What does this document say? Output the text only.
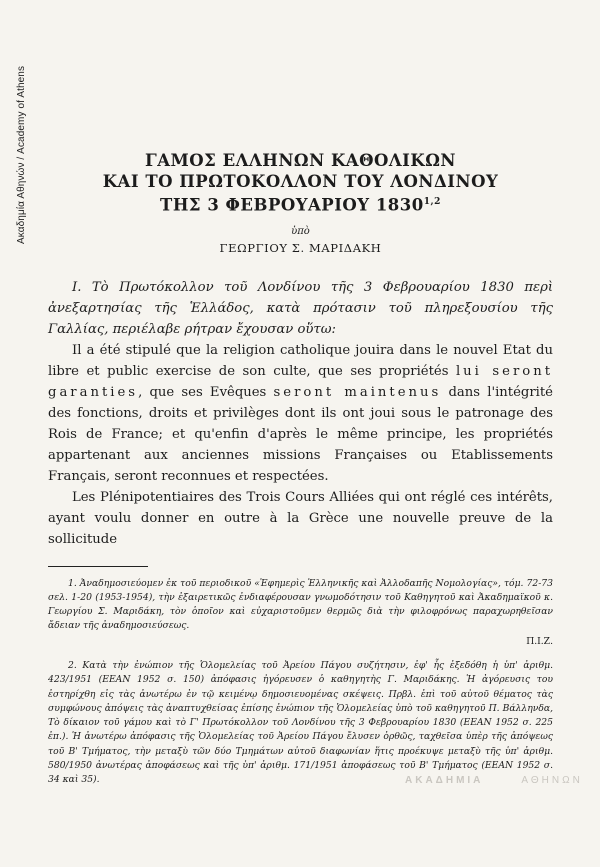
Ακαδημία Αθηνών / Academy of Athens	ΓΑΜΟΣ ΕΛΛΗΝΩΝ ΚΑΘΟΛΙΚΩΝ
ΚΑΙ ΤΟ ΠΡΩΤΟΚΟΛΛΟΝ ΤΟΥ ΛΟΝΔΙΝΟΥ
ΤΗΣ 3 ΦΕΒΡΟΥΑΡΙΟΥ 1830$^{1,2}$
ὑπὸ
ΓΕΩΡΓΙΟΥ Σ. ΜΑΡΙΔΑΚΗ

I. Τὸ Πρωτόκολλον τοῦ Λονδίνου τῆς 3 Φεβρουαρίου 1830 περὶ ἀνεξαρτησίας τῆς Ἑλλάδος, κατὰ πρότασιν τοῦ πληρεξουσίου τῆς Γαλλίας, περιέλαβε ρήτραν ἔχουσαν οὕτω:

Il a été stipulé que la religion catholique jouira dans le nouvel Etat du libre et public exercise de son culte, que ses propriétés lui seront garanties, que ses Evêques seront maintenus dans l'intégrité des fonctions, droits et privilèges dont ils ont joui sous le patronage des Rois de France; et qu'enfin d'après le même principe, les propriétés appartenant aux anciennes missions Françaises ou Etablissements Français, seront reconnues et respectées.

Les Plénipotentiaires des Trois Cours Alliées qui ont réglé ces intérêts, ayant voulu donner en outre à la Grèce une nouvelle preuve de la sollicitude

1. Ἀναδημοσιεύομεν ἐκ τοῦ περιοδικοῦ «Ἐφημερὶς Ἑλληνικῆς καὶ Ἀλλοδαπῆς Νομολογίας», τόμ. 72-73 σελ. 1-20 (1953-1954), τὴν ἐξαιρετικῶς ἐνδιαφέρουσαν γνωμοδότησιν τοῦ Καθηγητοῦ καὶ Ἀκαδημαϊκοῦ κ. Γεωργίου Σ. Μαριδάκη, τὸν ὁποῖον καὶ εὐχαριστοῦμεν θερμῶς διὰ τὴν φιλοφρόνως παραχωρηθεῖσαν ἄδειαν τῆς ἀναδημοσιεύσεως.

Π.Ι.Ζ.

2. Κατὰ τὴν ἐνώπιον τῆς Ὁλομελείας τοῦ Ἀρείου Πάγου συζήτησιν, ἐφ' ἧς ἐξεδόθη ἡ ὑπ' ἀριθμ. 423/1951 (ΕΕΑΝ 1952 σ. 150) ἀπόφασις ἠγόρευσεν ὁ καθηγητὴς Γ. Μαριδάκης. Ἡ ἀγόρευσις του ἐστηρίχθη εἰς τὰς ἀνωτέρω ἐν τῷ κειμένῳ δημοσιευομένας σκέψεις. Πρβλ. ἐπὶ τοῦ αὐτοῦ θέματος τὰς συμφώνους ἀπόψεις τὰς ἀναπτυχθείσας ἐπίσης ἐνώπιον τῆς Ὁλομελείας ὑπὸ τοῦ καθηγητοῦ Π. Βάλληνδα, Τὸ δίκαιον τοῦ γάμου καὶ τὸ Γ' Πρωτόκολλον τοῦ Λονδίνου τῆς 3 Φεβρουαρίου 1830 (ΕΕΑΝ 1952 σ. 225 ἐπ.). Ἡ ἀνωτέρω ἀπόφασις τῆς Ὁλομελείας τοῦ Ἀρείου Πάγου ἔλυσεν ὀρθῶς, ταχθεῖσα ὑπὲρ τῆς ἀπόψεως τοῦ Β' Τμήματος, τὴν μεταξὺ τῶν δύο Τμημάτων αὐτοῦ διαφωνίαν ἥτις προέκυψε μεταξὺ τῆς ὑπ' ἀριθμ. 580/1950 ἀνωτέρας ἀποφάσεως καὶ τῆς ὑπ' ἀριθμ. 171/1951 ἀποφάσεως τοῦ Β' Τμήματος (ΕΕΑΝ 1952 σ. 34 καὶ 35).	ΑΚΑΔΗΜΙΑ	ΑΘΗΝΩΝ
